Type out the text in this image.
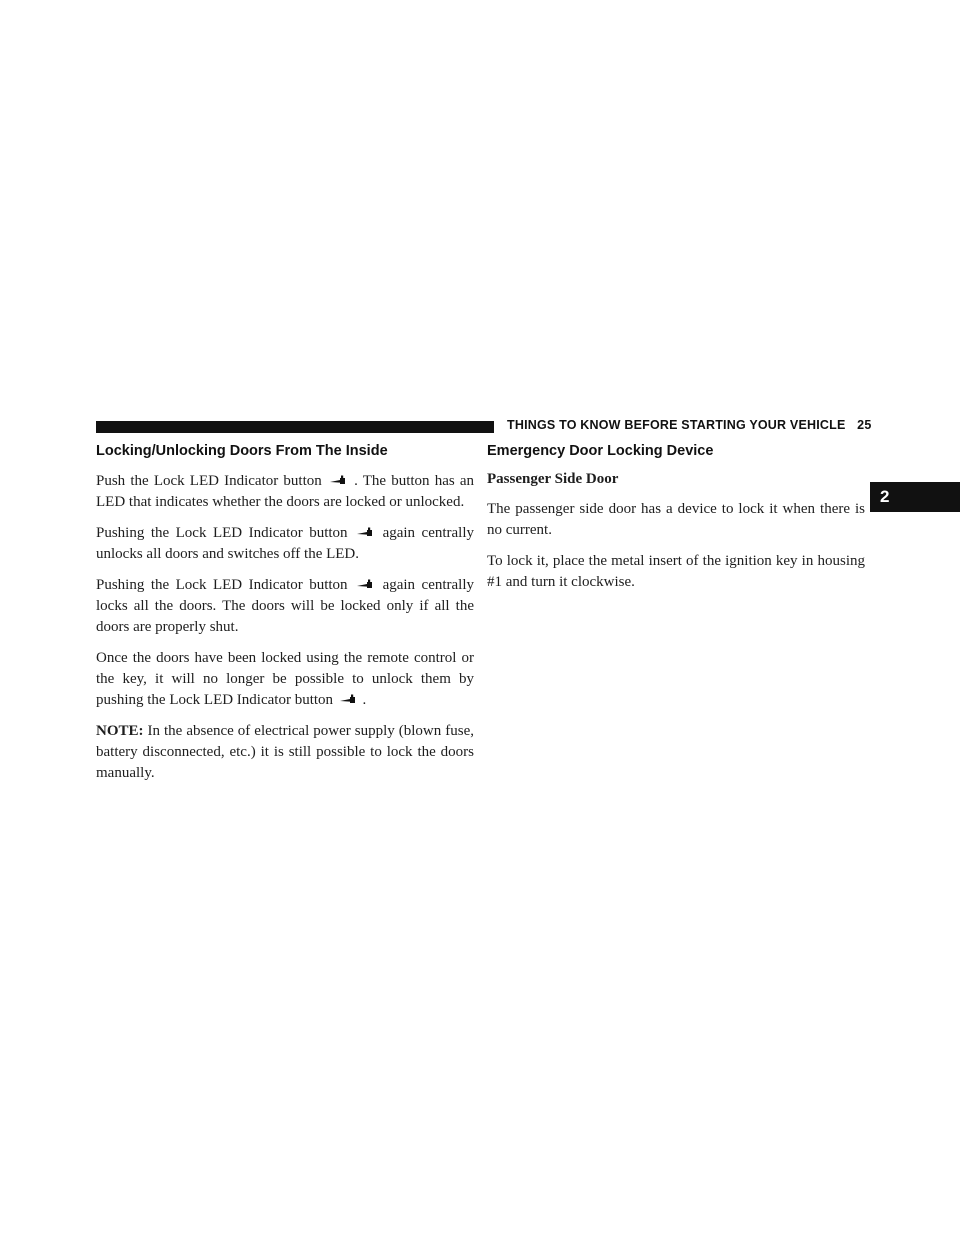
THINGS TO KNOW BEFORE STARTING YOUR VEHICLE 25
2
Locking/Unlocking Doors From The Inside

Push the Lock LED Indicator button . The button has an LED that indicates whether the doors are locked or unlocked.

Pushing the Lock LED Indicator button again centrally unlocks all doors and switches off the LED.

Pushing the Lock LED Indicator button again centrally locks all the doors. The doors will be locked only if all the doors are properly shut.

Once the doors have been locked using the remote control or the key, it will no longer be possible to unlock them by pushing the Lock LED Indicator button .

NOTE: In the absence of electrical power supply (blown fuse, battery disconnected, etc.) it is still possible to lock the doors manually.

Emergency Door Locking Device
Passenger Side Door

The passenger side door has a device to lock it when there is no current.

To lock it, place the metal insert of the ignition key in housing #1 and turn it clockwise.
